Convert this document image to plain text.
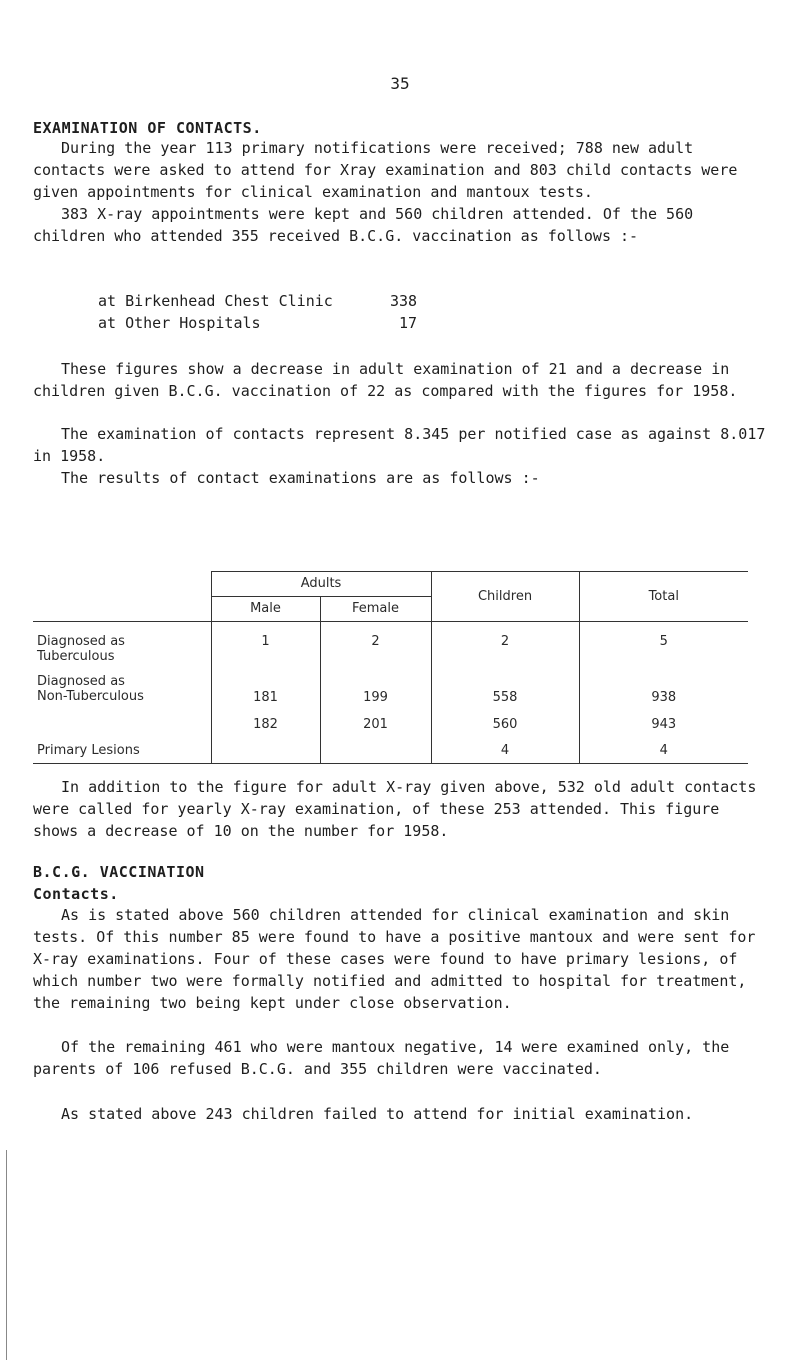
35
EXAMINATION OF CONTACTS.

During the year 113 primary notifications were received; 788 new adult contacts were asked to attend for Xray examination and 803 child contacts were given appointments for clinical examination and mantoux tests.

383 X-ray appointments were kept and 560 children attended. Of the 560 children who attended 355 received B.C.G. vaccination as follows :-

at Birkenhead Chest Clinic	338
at Other Hospitals	17

These figures show a decrease in adult examination of 21 and a decrease in children given B.C.G. vaccination of 22 as compared with the figures for 1958.

The examination of contacts represent 8.345 per notified case as against 8.017 in 1958.

The results of contact examinations are as follows :-

	Adults		Children	Total
	Male	Female		

Diagnosed as
Tuberculous	1	2	2	5

Diagnosed as
Non-Tuberculous	181	199	558	938

	182	201	560	943
Primary Lesions			4	4

In addition to the figure for adult X-ray given above, 532 old adult contacts were called for yearly X-ray examination, of these 253 attended. This figure shows a decrease of 10 on the number for 1958.

B.C.G. VACCINATION
Contacts.

As is stated above 560 children attended for clinical examination and skin tests. Of this number 85 were found to have a positive mantoux and were sent for X-ray examinations. Four of these cases were found to have primary lesions, of which number two were formally notified and admitted to hospital for treatment, the remaining two being kept under close observation.

Of the remaining 461 who were mantoux negative, 14 were examined only, the parents of 106 refused B.C.G. and 355 children were vaccinated.

As stated above 243 children failed to attend for initial examination.
